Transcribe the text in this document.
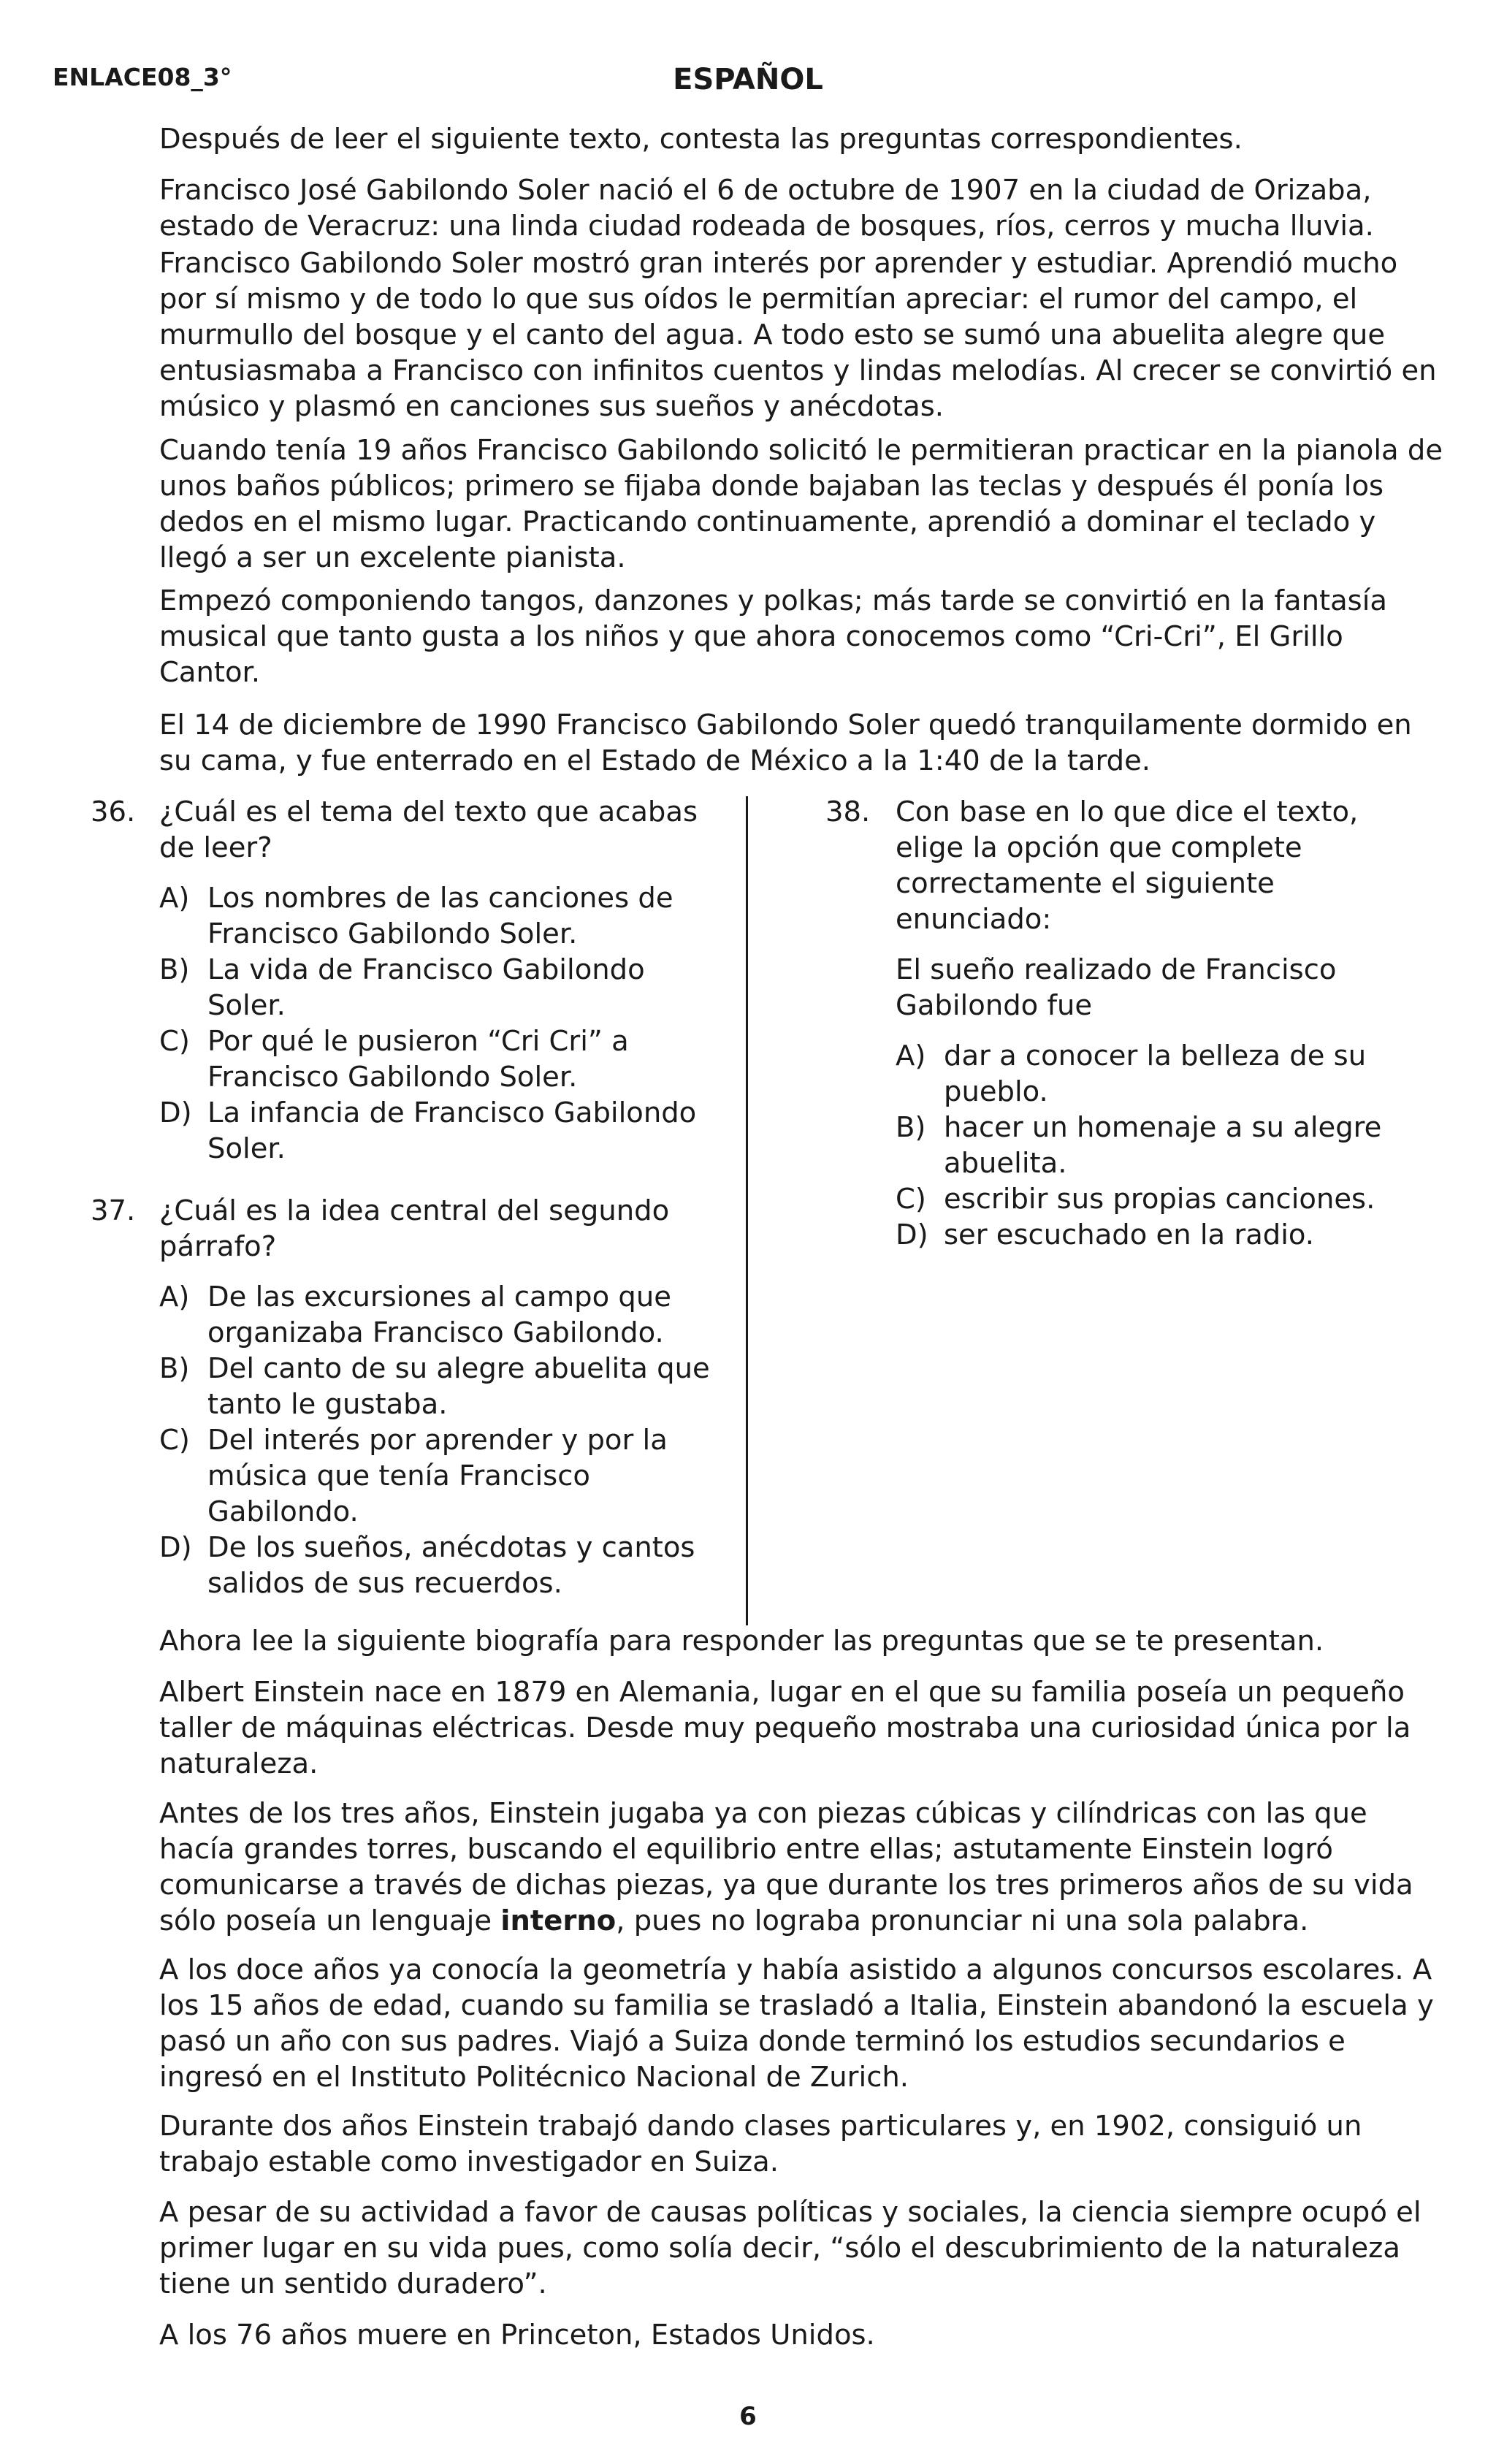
ENLACE08_3°	ESPAÑOL

Después de leer el siguiente texto, contesta las preguntas correspondientes.

Francisco José Gabilondo Soler nació el 6 de octubre de 1907 en la ciudad de Orizaba, estado de Veracruz: una linda ciudad rodeada de bosques, ríos, cerros y mucha lluvia.

Francisco Gabilondo Soler mostró gran interés por aprender y estudiar. Aprendió mucho por sí mismo y de todo lo que sus oídos le permitían apreciar: el rumor del campo, el murmullo del bosque y el canto del agua. A todo esto se sumó una abuelita alegre que entusiasmaba a Francisco con infinitos cuentos y lindas melodías. Al crecer se convirtió en músico y plasmó en canciones sus sueños y anécdotas.

Cuando tenía 19 años Francisco Gabilondo solicitó le permitieran practicar en la pianola de unos baños públicos; primero se fijaba donde bajaban las teclas y después él ponía los dedos en el mismo lugar. Practicando continuamente, aprendió a dominar el teclado y llegó a ser un excelente pianista.

Empezó componiendo tangos, danzones y polkas; más tarde se convirtió en la fantasía musical que tanto gusta a los niños y que ahora conocemos como “Cri-Cri”, El Grillo Cantor.

El 14 de diciembre de 1990 Francisco Gabilondo Soler quedó tranquilamente dormido en su cama, y fue enterrado en el Estado de México a la 1:40 de la tarde.

36. ¿Cuál es el tema del texto que acabas de leer?

A) Los nombres de las canciones de Francisco Gabilondo Soler.
B) La vida de Francisco Gabilondo Soler.
C) Por qué le pusieron “Cri Cri” a Francisco Gabilondo Soler.
D) La infancia de Francisco Gabilondo Soler.
37. ¿Cuál es la idea central del segundo párrafo?

A) De las excursiones al campo que organizaba Francisco Gabilondo.
B) Del canto de su alegre abuelita que tanto le gustaba.
C) Del interés por aprender y por la música que tenía Francisco Gabilondo.
D) De los sueños, anécdotas y cantos salidos de sus recuerdos.
38. Con base en lo que dice el texto, elige la opción que complete correctamente el siguiente enunciado:

El sueño realizado de Francisco Gabilondo fue

A) dar a conocer la belleza de su pueblo.
B) hacer un homenaje a su alegre abuelita.
C) escribir sus propias canciones.
D) ser escuchado en la radio.

Ahora lee la siguiente biografía para responder las preguntas que se te presentan.

Albert Einstein nace en 1879 en Alemania, lugar en el que su familia poseía un pequeño taller de máquinas eléctricas. Desde muy pequeño mostraba una curiosidad única por la naturaleza.

Antes de los tres años, Einstein jugaba ya con piezas cúbicas y cilíndricas con las que hacía grandes torres, buscando el equilibrio entre ellas; astutamente Einstein logró comunicarse a través de dichas piezas, ya que durante los tres primeros años de su vida sólo poseía un lenguaje interno, pues no lograba pronunciar ni una sola palabra.

A los doce años ya conocía la geometría y había asistido a algunos concursos escolares. A los 15 años de edad, cuando su familia se trasladó a Italia, Einstein abandonó la escuela y pasó un año con sus padres. Viajó a Suiza donde terminó los estudios secundarios e ingresó en el Instituto Politécnico Nacional de Zurich.

Durante dos años Einstein trabajó dando clases particulares y, en 1902, consiguió un trabajo estable como investigador en Suiza.

A pesar de su actividad a favor de causas políticas y sociales, la ciencia siempre ocupó el primer lugar en su vida pues, como solía decir, “sólo el descubrimiento de la naturaleza tiene un sentido duradero”.

A los 76 años muere en Princeton, Estados Unidos.

6
